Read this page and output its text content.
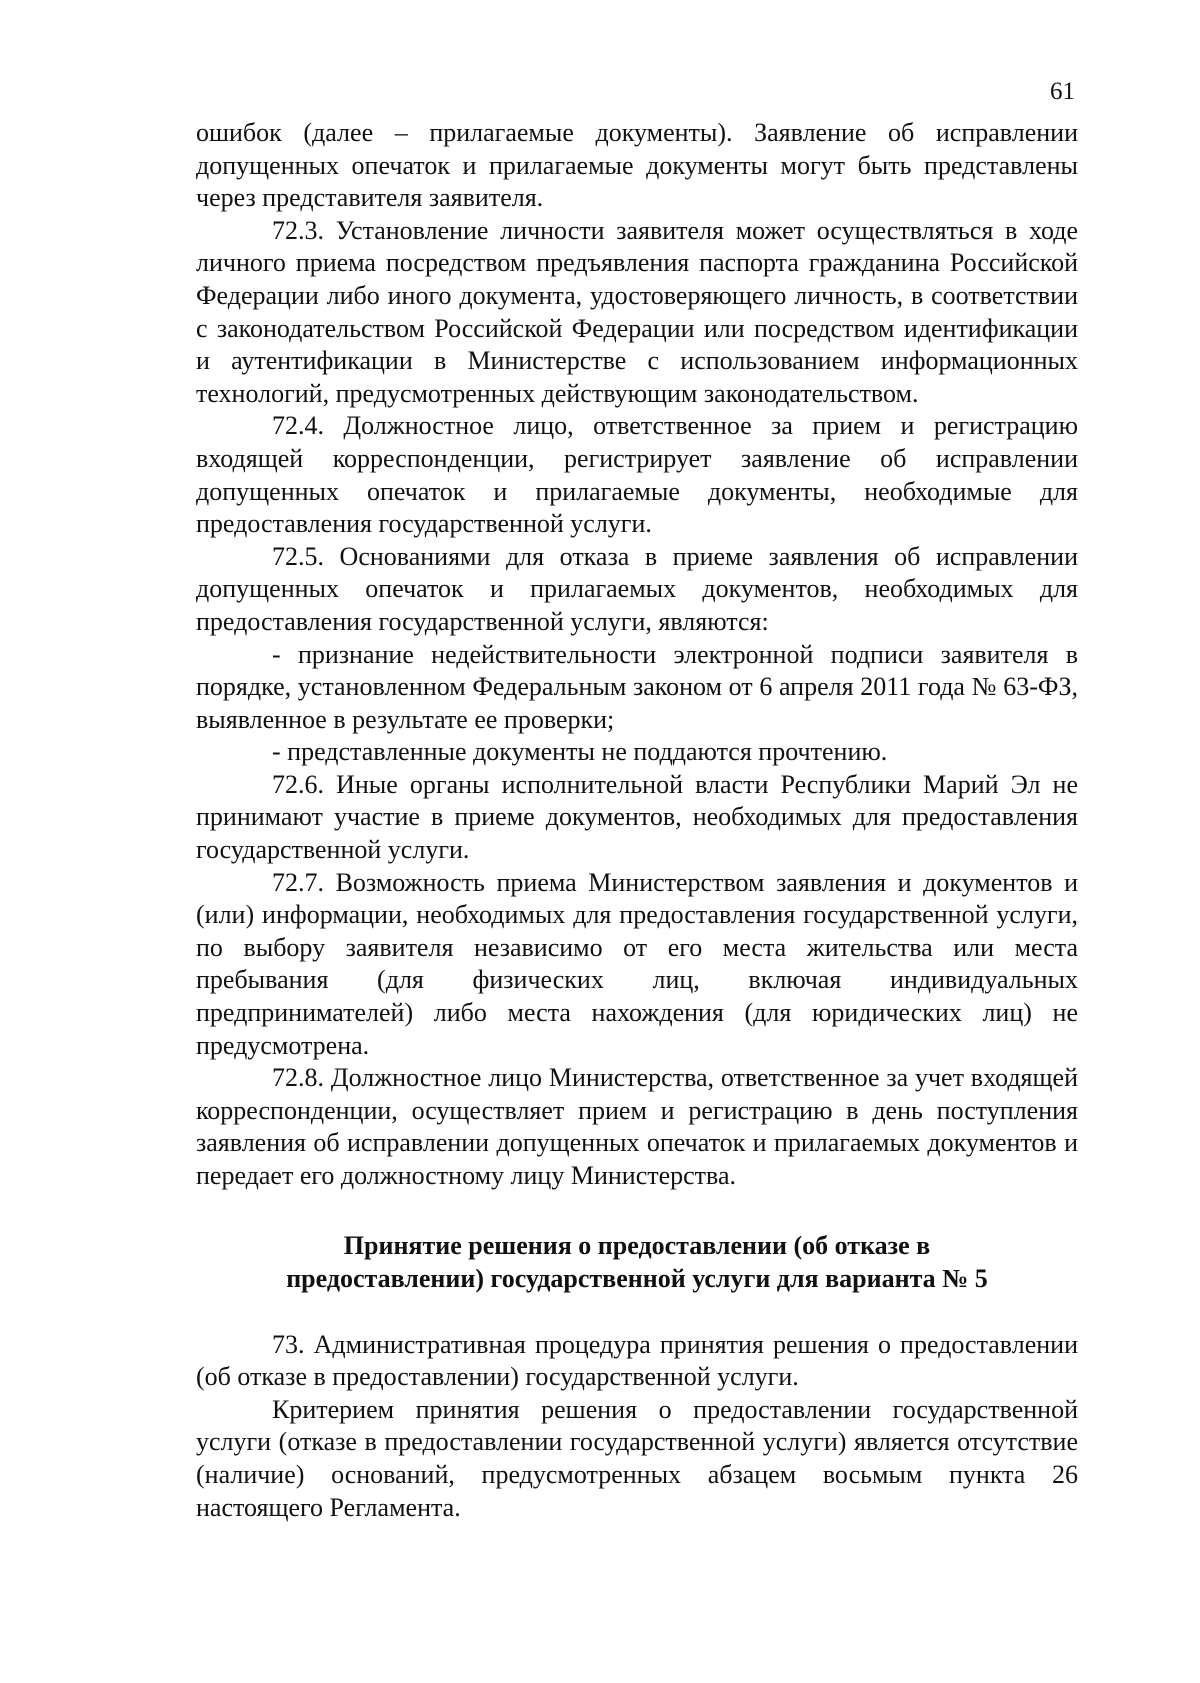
61

ошибок (далее – прилагаемые документы). Заявление об исправлении допущенных опечаток и прилагаемые документы могут быть представлены через представителя заявителя.

72.3. Установление личности заявителя может осуществляться в ходе личного приема посредством предъявления паспорта гражданина Российской Федерации либо иного документа, удостоверяющего личность, в соответствии с законодательством Российской Федерации или посредством идентификации и аутентификации в Министерстве с использованием информационных технологий, предусмотренных действующим законодательством.

72.4. Должностное лицо, ответственное за прием и регистрацию входящей корреспонденции, регистрирует заявление об исправлении допущенных опечаток и прилагаемые документы, необходимые для предоставления государственной услуги.

72.5. Основаниями для отказа в приеме заявления об исправлении допущенных опечаток и прилагаемых документов, необходимых для предоставления государственной услуги, являются:

- признание недействительности электронной подписи заявителя в порядке, установленном Федеральным законом от 6 апреля 2011 года № 63-ФЗ, выявленное в результате ее проверки;

- представленные документы не поддаются прочтению.

72.6. Иные органы исполнительной власти Республики Марий Эл не принимают участие в приеме документов, необходимых для предоставления государственной услуги.

72.7. Возможность приема Министерством заявления и документов и (или) информации, необходимых для предоставления государственной услуги, по выбору заявителя независимо от его места жительства или места пребывания (для физических лиц, включая индивидуальных предпринимателей) либо места нахождения (для юридических лиц) не предусмотрена.

72.8. Должностное лицо Министерства, ответственное за учет входящей корреспонденции, осуществляет прием и регистрацию в день поступления заявления об исправлении допущенных опечаток и прилагаемых документов и передает его должностному лицу Министерства.

Принятие решения о предоставлении (об отказе в
предоставлении) государственной услуги для варианта № 5

73. Административная процедура принятия решения о предоставлении (об отказе в предоставлении) государственной услуги.

Критерием принятия решения о предоставлении государственной услуги (отказе в предоставлении государственной услуги) является отсутствие (наличие) оснований, предусмотренных абзацем восьмым пункта 26 настоящего Регламента.
